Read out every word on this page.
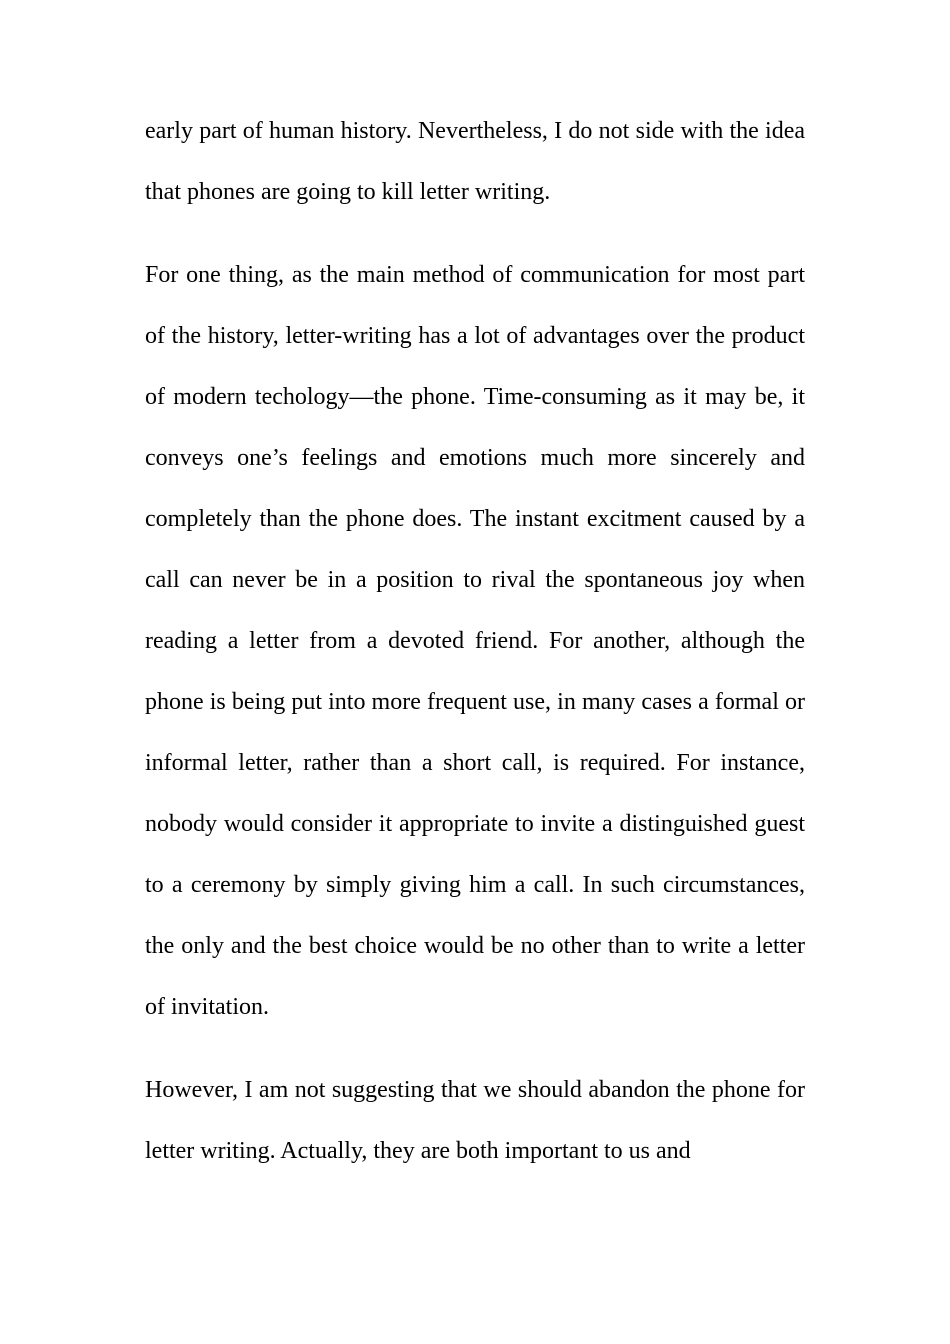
early part of human history. Nevertheless, I do not side with the idea that phones are going to kill letter writing.

For one thing, as the main method of communication for most part of the history, letter-writing has a lot of advantages over the product of modern techology—the phone. Time-consuming as it may be, it conveys one’s feelings and emotions much more sincerely and completely than the phone does. The instant excitment caused by a call can never be in a position to rival the spontaneous joy when reading a letter from a devoted friend. For another, although the phone is being put into more frequent use, in many cases a formal or informal letter, rather than a short call, is required. For instance, nobody would consider it appropriate to invite a distinguished guest to a ceremony by simply giving him a call. In such circumstances, the only and the best choice would be no other than to write a letter of invitation.

However, I am not suggesting that we should abandon the phone for letter writing. Actually, they are both important to us and
